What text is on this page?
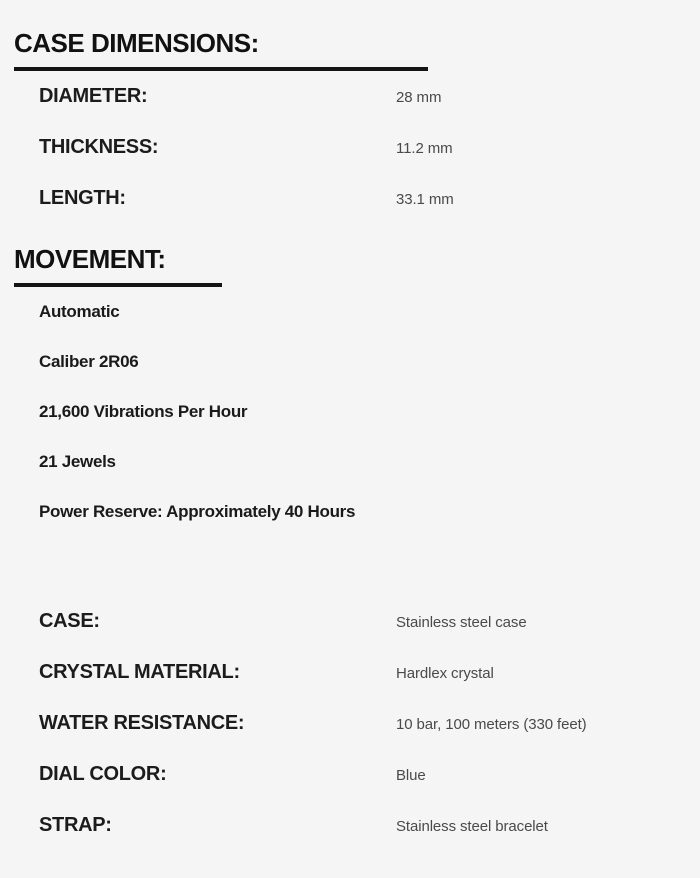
CASE DIMENSIONS:
DIAMETER:	28 mm
THICKNESS:	11.2 mm
LENGTH:	33.1 mm
MOVEMENT:
Automatic
Caliber 2R06
21,600 Vibrations Per Hour
21 Jewels
Power Reserve: Approximately 40 Hours
CASE:	Stainless steel case
CRYSTAL MATERIAL:	Hardlex crystal
WATER RESISTANCE:	10 bar, 100 meters (330 feet)
DIAL COLOR:	Blue
STRAP:	Stainless steel bracelet
